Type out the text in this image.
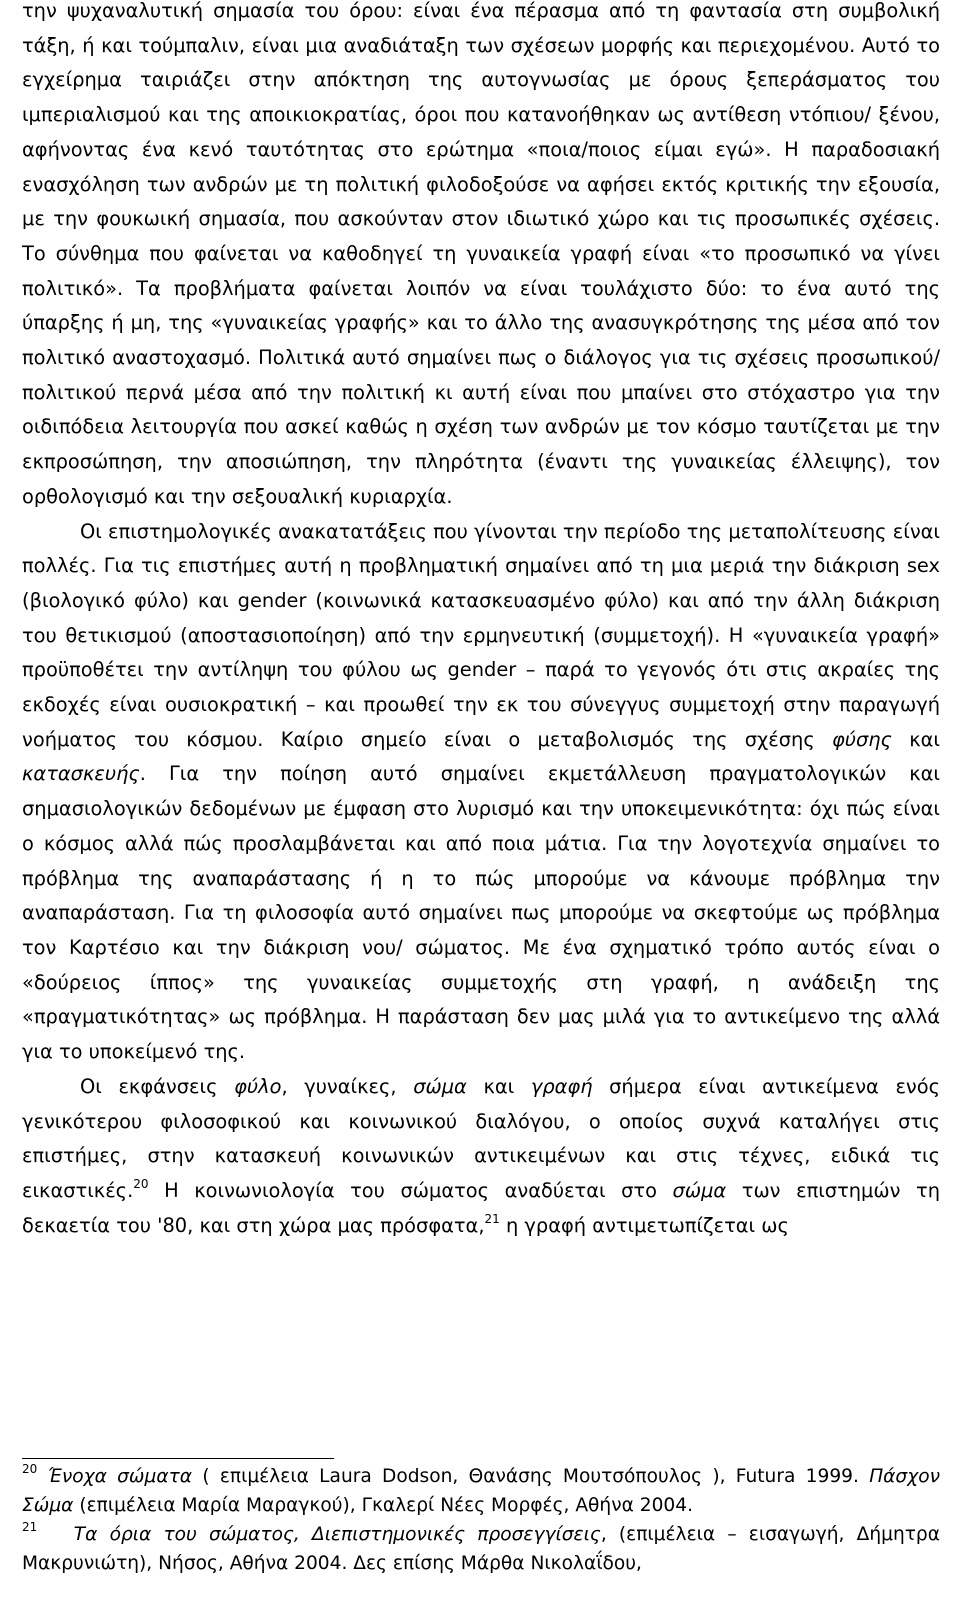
την ψυχαναλυτική σημασία του όρου: είναι ένα πέρασμα από τη φαντασία στη συμβολική τάξη, ή και τούμπαλιν, είναι μια αναδιάταξη των σχέσεων μορφής και περιεχομένου. Αυτό το εγχείρημα ταιριάζει στην απόκτηση της αυτογνωσίας με όρους ξεπεράσματος του ιμπεριαλισμού και της αποικιοκρατίας, όροι που κατανοήθηκαν ως αντίθεση ντόπιου/ ξένου, αφήνοντας ένα κενό ταυτότητας στο ερώτημα «ποια/ποιος είμαι εγώ». Η παραδοσιακή ενασχόληση των ανδρών με τη πολιτική φιλοδοξούσε να αφήσει εκτός κριτικής την εξουσία, με την φουκωική σημασία, που ασκούνταν στον ιδιωτικό χώρο και τις προσωπικές σχέσεις. Το σύνθημα που φαίνεται να καθοδηγεί τη γυναικεία γραφή είναι «το προσωπικό να γίνει πολιτικό». Τα προβλήματα φαίνεται λοιπόν να είναι τουλάχιστο δύο: το ένα αυτό της ύπαρξης ή μη, της «γυναικείας γραφής» και το άλλο της ανασυγκρότησης της μέσα από τον πολιτικό αναστοχασμό. Πολιτικά αυτό σημαίνει πως ο διάλογος για τις σχέσεις προσωπικού/ πολιτικού περνά μέσα από την πολιτική κι αυτή είναι που μπαίνει στο στόχαστρο για την οιδιπόδεια λειτουργία που ασκεί καθώς η σχέση των ανδρών με τον κόσμο ταυτίζεται με την εκπροσώπηση, την αποσιώπηση, την πληρότητα (έναντι της γυναικείας έλλειψης), τον ορθολογισμό και την σεξουαλική κυριαρχία.

Οι επιστημολογικές ανακατατάξεις που γίνονται την περίοδο της μεταπολίτευσης είναι πολλές. Για τις επιστήμες αυτή η προβληματική σημαίνει από τη μια μεριά την διάκριση sex (βιολογικό φύλο) και gender (κοινωνικά κατασκευασμένο φύλο) και από την άλλη διάκριση του θετικισμού (αποστασιοποίηση) από την ερμηνευτική (συμμετοχή). Η «γυναικεία γραφή» προϋποθέτει την αντίληψη του φύλου ως gender – παρά το γεγονός ότι στις ακραίες της εκδοχές είναι ουσιοκρατική – και προωθεί την εκ του σύνεγγυς συμμετοχή στην παραγωγή νοήματος του κόσμου. Καίριο σημείο είναι ο μεταβολισμός της σχέσης φύσης και κατασκευής. Για την ποίηση αυτό σημαίνει εκμετάλλευση πραγματολογικών και σημασιολογικών δεδομένων με έμφαση στο λυρισμό και την υποκειμενικότητα: όχι πώς είναι ο κόσμος αλλά πώς προσλαμβάνεται και από ποια μάτια. Για την λογοτεχνία σημαίνει το πρόβλημα της αναπαράστασης ή η το πώς μπορούμε να κάνουμε πρόβλημα την αναπαράσταση. Για τη φιλοσοφία αυτό σημαίνει πως μπορούμε να σκεφτούμε ως πρόβλημα τον Καρτέσιο και την διάκριση νου/ σώματος. Με ένα σχηματικό τρόπο αυτός είναι ο «δούρειος ίππος» της γυναικείας συμμετοχής στη γραφή, η ανάδειξη της «πραγματικότητας» ως πρόβλημα. Η παράσταση δεν μας μιλά για το αντικείμενο της αλλά για το υποκείμενό της.

Οι εκφάνσεις φύλο, γυναίκες, σώμα και γραφή σήμερα είναι αντικείμενα ενός γενικότερου φιλοσοφικού και κοινωνικού διαλόγου, ο οποίος συχνά καταλήγει στις επιστήμες, στην κατασκευή κοινωνικών αντικειμένων και στις τέχνες, ειδικά τις εικαστικές.$^{20}$ Η κοινωνιολογία του σώματος αναδύεται στο σώμα των επιστημών τη δεκαετία του '80, και στη χώρα μας πρόσφατα,$^{21}$ η γραφή αντιμετωπίζεται ως

$^{20}$ Ένοχα σώματα ( επιμέλεια Laura Dodson, Θανάσης Μουτσόπουλος ), Futura 1999. Πάσχον Σώμα (επιμέλεια Μαρία Μαραγκού), Γκαλερί Νέες Μορφές, Αθήνα 2004.

$^{21}$ Τα όρια του σώματος, Διεπιστημονικές προσεγγίσεις, (επιμέλεια – εισαγωγή, Δήμητρα Μακρυνιώτη), Νήσος, Αθήνα 2004. Δες επίσης Μάρθα Νικολαΐδου,
